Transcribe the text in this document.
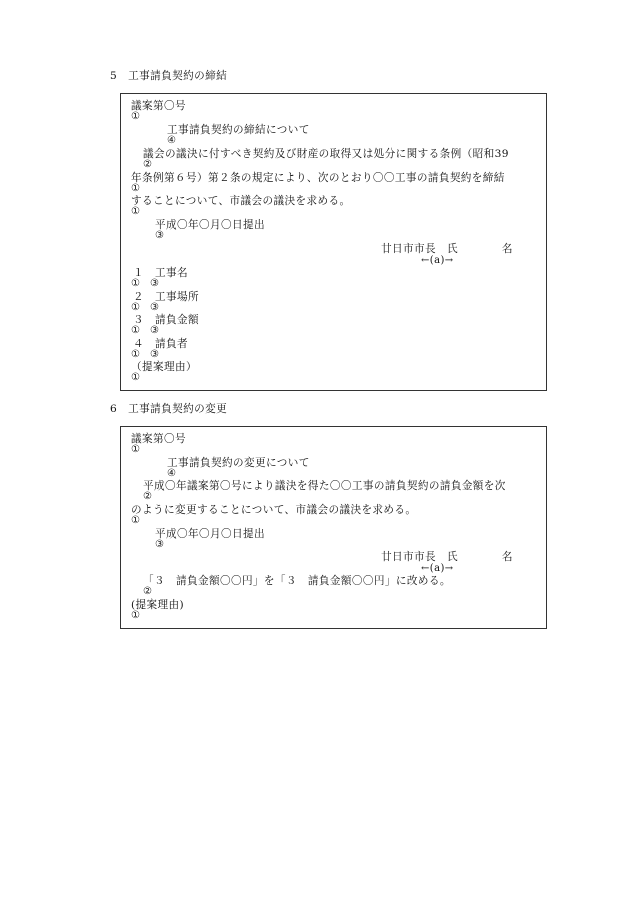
5　工事請負契約の締結
議案第〇号
①
工事請負契約の締結について
④
議会の議決に付すべき契約及び財産の取得又は処分に関する条例（昭和39
②
年条例第６号）第２条の規定により、次のとおり〇〇工事の請負契約を締結
①
することについて、市議会の議決を求める。
①
平成〇年〇月〇日提出
③
廿日市市長　氏　　　　名
←(a)→
１　工事名
①　③
２　工事場所
①　③
３　請負金額
①　③
４　請負者
①　③
（提案理由）
①
6　工事請負契約の変更
議案第〇号
①
工事請負契約の変更について
④
平成〇年議案第〇号により議決を得た〇〇工事の請負契約の請負金額を次
②
のように変更することについて、市議会の議決を求める。
①
平成〇年〇月〇日提出
③
廿日市市長　氏　　　　名
←(a)→
「３　請負金額〇〇円」を「３　請負金額〇〇円」に改める。
②
(提案理由)
①
